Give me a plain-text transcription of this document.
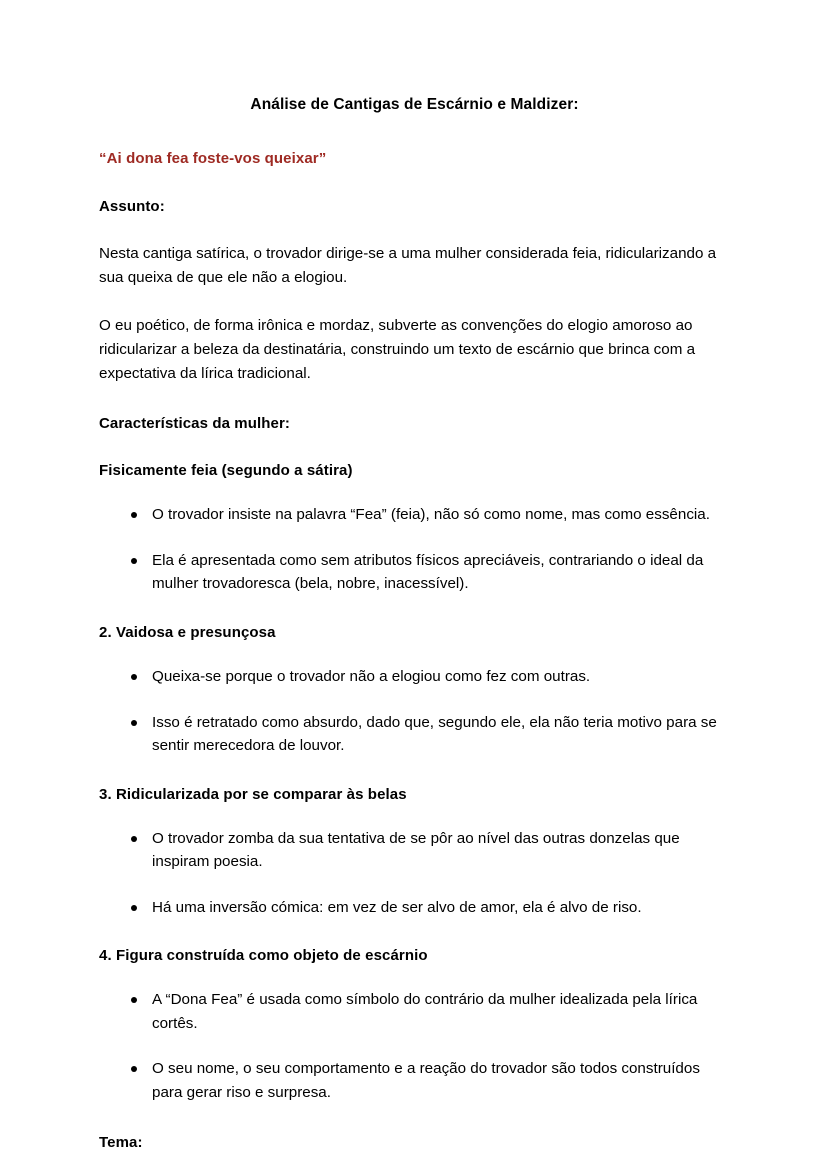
Análise de Cantigas de Escárnio e Maldizer:
“Ai dona fea foste-vos queixar”
Assunto:

Nesta cantiga satírica, o trovador dirige-se a uma mulher considerada feia, ridicularizando a sua queixa de que ele não a elogiou.

O eu poético, de forma irônica e mordaz, subverte as convenções do elogio amoroso ao ridicularizar a beleza da destinatária, construindo um texto de escárnio que brinca com a expectativa da lírica tradicional.

Características da mulher:
Fisicamente feia (segundo a sátira)
O trovador insiste na palavra “Fea” (feia), não só como nome, mas como essência.
Ela é apresentada como sem atributos físicos apreciáveis, contrariando o ideal da mulher trovadoresca (bela, nobre, inacessível).
2. Vaidosa e presunçosa
Queixa-se porque o trovador não a elogiou como fez com outras.
Isso é retratado como absurdo, dado que, segundo ele, ela não teria motivo para se sentir merecedora de louvor.
3. Ridicularizada por se comparar às belas
O trovador zomba da sua tentativa de se pôr ao nível das outras donzelas que inspiram poesia.
Há uma inversão cómica: em vez de ser alvo de amor, ela é alvo de riso.
4. Figura construída como objeto de escárnio
A “Dona Fea” é usada como símbolo do contrário da mulher idealizada pela lírica cortês.
O seu nome, o seu comportamento e a reação do trovador são todos construídos para gerar riso e surpresa.
Tema:
